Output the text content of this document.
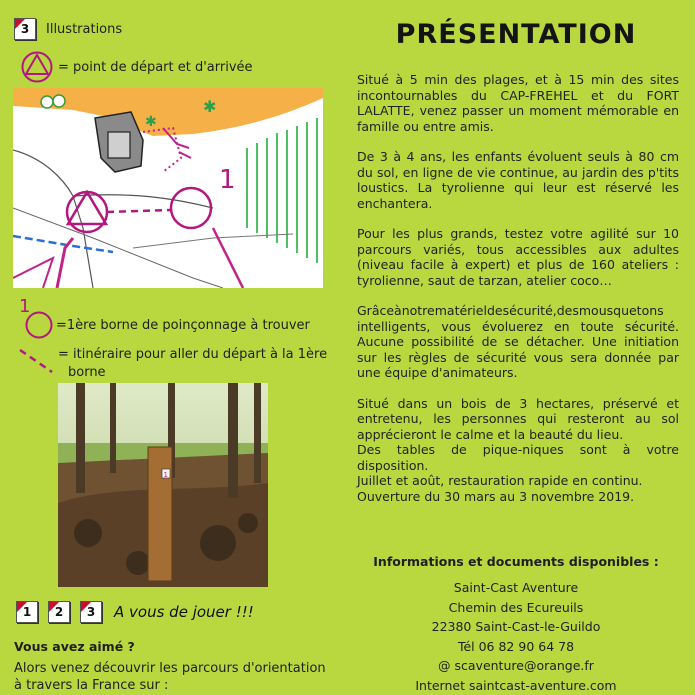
3 Illustrations
= point de départ et d'arrivée
✱
✱
1
1
=1ère borne de poinçonnage à trouver
= itinéraire pour aller du départ à la 1ère
borne
1
1 2 3 A vous de jouer !!!
Vous avez aimé ?
Alors venez découvrir les parcours d'orientation
à travers la France sur :
PRÉSENTATION

Situé à 5 min des plages, et à 15 min des sites incontournables du CAP-FREHEL et du FORT LALATTE, venez passer un moment mémorable en famille ou entre amis.

De 3 à 4 ans, les enfants évoluent seuls à 80 cm du sol, en ligne de vie continue, au jardin des p'tits loustics. La tyrolienne qui leur est réservé les enchantera.

Pour les plus grands, testez votre agilité sur 10 parcours variés, tous accessibles aux adultes (niveau facile à expert) et plus de 160 ateliers : tyrolienne, saut de tarzan, atelier coco…

Grâceànotrematérieldesécurité,desmousquetons intelligents, vous évoluerez en toute sécurité. Aucune possibilité de se détacher. Une initiation sur les règles de sécurité vous sera donnée par une équipe d'animateurs.

Situé dans un bois de 3 hectares, préservé et entretenu, les personnes qui resteront au sol apprécieront le calme et la beauté du lieu.

Des tables de pique-niques sont à votre disposition.

Juillet et août, restauration rapide en continu.

Ouverture du 30 mars au 3 novembre 2019.

Informations et documents disponibles :
Saint-Cast Aventure
Chemin des Ecureuils
22380 Saint-Cast-le-Guildo
Tél 06 82 90 64 78
@ scaventure@orange.fr
Internet saintcast-aventure.com
